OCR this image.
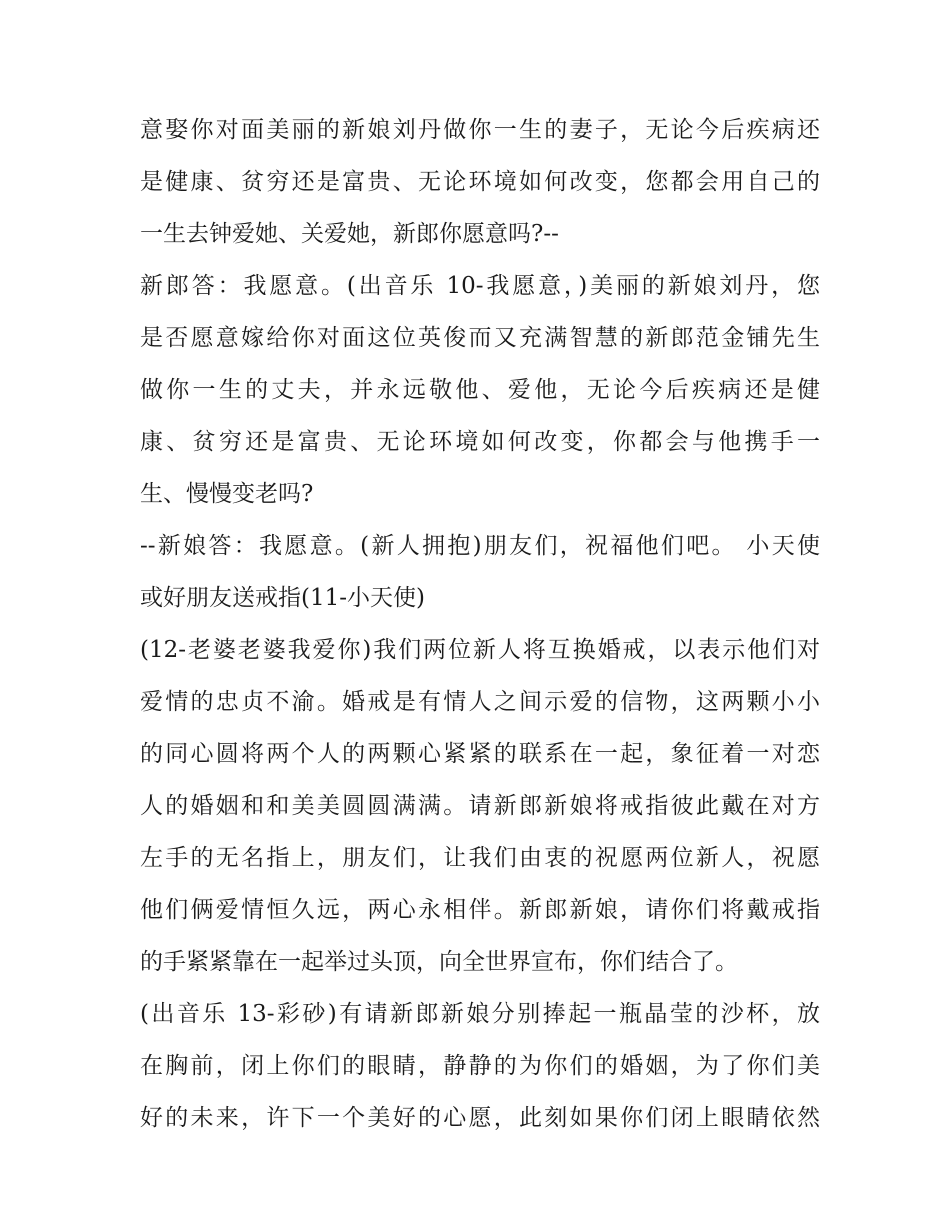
意娶你对面美丽的新娘刘丹做你一生的妻子，无论今后疾病还
是健康、贫穷还是富贵、无论环境如何改变，您都会用自己的
一生去钟爱她、关爱她，新郎你愿意吗?--
新郎答：我愿意。(出音乐 10-我愿意，)美丽的新娘刘丹，您
是否愿意嫁给你对面这位英俊而又充满智慧的新郎范金铺先生
做你一生的丈夫，并永远敬他、爱他，无论今后疾病还是健
康、贫穷还是富贵、无论环境如何改变，你都会与他携手一
生、慢慢变老吗?
--新娘答：我愿意。(新人拥抱)朋友们，祝福他们吧。 小天使
或好朋友送戒指(11-小天使)
(12-老婆老婆我爱你)我们两位新人将互换婚戒，以表示他们对
爱情的忠贞不渝。婚戒是有情人之间示爱的信物，这两颗小小
的同心圆将两个人的两颗心紧紧的联系在一起，象征着一对恋
人的婚姻和和美美圆圆满满。请新郎新娘将戒指彼此戴在对方
左手的无名指上，朋友们，让我们由衷的祝愿两位新人，祝愿
他们俩爱情恒久远，两心永相伴。新郎新娘，请你们将戴戒指
的手紧紧靠在一起举过头顶，向全世界宣布，你们结合了。
(出音乐 13-彩砂)有请新郎新娘分别捧起一瓶晶莹的沙杯，放
在胸前，闭上你们的眼睛，静静的为你们的婚姻，为了你们美
好的未来，许下一个美好的心愿，此刻如果你们闭上眼睛依然
